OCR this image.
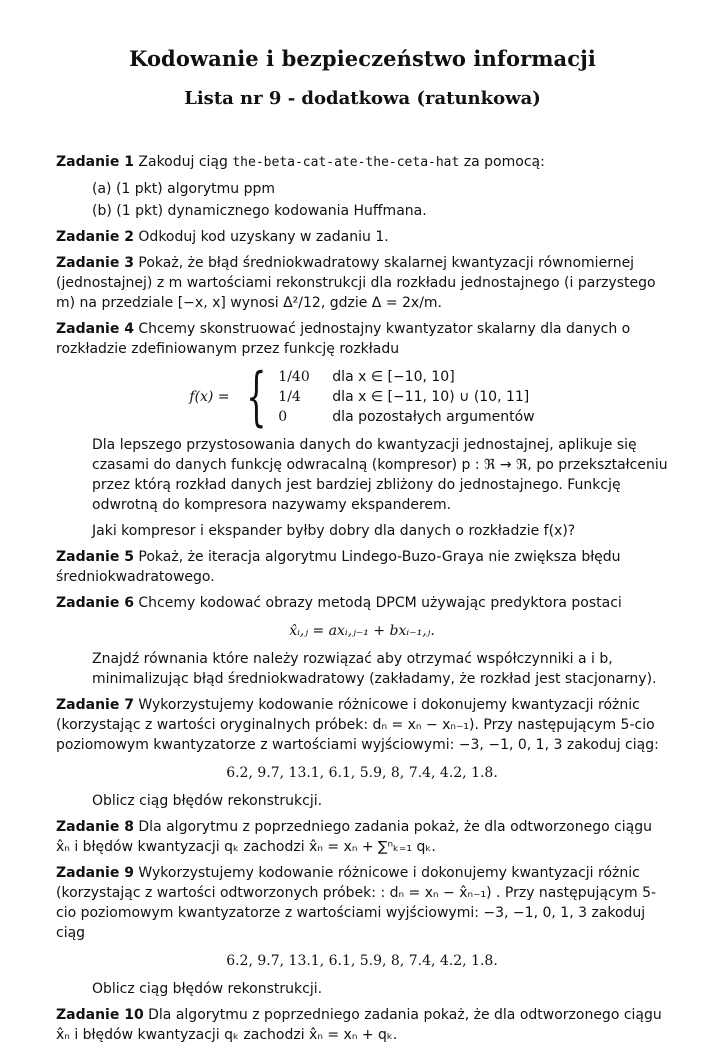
Kodowanie i bezpieczeństwo informacji
Lista nr 9 - dodatkowa (ratunkowa)
Zadanie 1 Zakoduj ciąg the-beta-cat-ate-the-ceta-hat za pomocą:
(a) (1 pkt) algorytmu ppm
(b) (1 pkt) dynamicznego kodowania Huffmana.
Zadanie 2 Odkoduj kod uzyskany w zadaniu 1.
Zadanie 3 Pokaż, że błąd średniokwadratowy skalarnej kwantyzacji równomiernej (jednostajnej) z m wartościami rekonstrukcji dla rozkładu jednostajnego (i parzystego m) na przedziale [−x, x] wynosi Δ²/12, gdzie Δ = 2x/m.
Zadanie 4 Chcemy skonstruować jednostajny kwantyzator skalarny dla danych o rozkładzie zdefiniowanym przez funkcję rozkładu
f(x) = { 1/40	dla x ∈ [−10, 10]
1/4	dla x ∈ [−11, 10) ∪ (10, 11]
0	dla pozostałych argumentów
Dla lepszego przystosowania danych do kwantyzacji jednostajnej, aplikuje się czasami do danych funkcję odwracalną (kompresor) p : ℜ → ℜ, po przekształceniu przez którą rozkład danych jest bardziej zbliżony do jednostajnego. Funkcję odwrotną do kompresora nazywamy ekspanderem.
Jaki kompresor i ekspander byłby dobry dla danych o rozkładzie f(x)?
Zadanie 5 Pokaż, że iteracja algorytmu Lindego-Buzo-Graya nie zwiększa błędu średniokwadratowego.
Zadanie 6 Chcemy kodować obrazy metodą DPCM używając predyktora postaci
x̂ᵢ,ⱼ = axᵢ,ⱼ₋₁ + bxᵢ₋₁,ⱼ.
Znajdź równania które należy rozwiązać aby otrzymać współczynniki a i b, minimalizując błąd średniokwadratowy (zakładamy, że rozkład jest stacjonarny).
Zadanie 7 Wykorzystujemy kodowanie różnicowe i dokonujemy kwantyzacji różnic (korzystając z wartości oryginalnych próbek: dₙ = xₙ − xₙ₋₁). Przy następującym 5-cio poziomowym kwantyzatorze z wartościami wyjściowymi: −3, −1, 0, 1, 3 zakoduj ciąg:
6.2, 9.7, 13.1, 6.1, 5.9, 8, 7.4, 4.2, 1.8.
Oblicz ciąg błędów rekonstrukcji.
Zadanie 8 Dla algorytmu z poprzedniego zadania pokaż, że dla odtworzonego ciągu x̂ₙ i błędów kwantyzacji qₖ zachodzi x̂ₙ = xₙ + ∑ⁿₖ₌₁ qₖ.
Zadanie 9 Wykorzystujemy kodowanie różnicowe i dokonujemy kwantyzacji różnic (korzystając z wartości odtworzonych próbek: : dₙ = xₙ − x̂ₙ₋₁) . Przy następującym 5-cio poziomowym kwantyzatorze z wartościami wyjściowymi: −3, −1, 0, 1, 3 zakoduj ciąg
6.2, 9.7, 13.1, 6.1, 5.9, 8, 7.4, 4.2, 1.8.
Oblicz ciąg błędów rekonstrukcji.
Zadanie 10 Dla algorytmu z poprzedniego zadania pokaż, że dla odtworzonego ciągu x̂ₙ i błędów kwantyzacji qₖ zachodzi x̂ₙ = xₙ + qₖ.
